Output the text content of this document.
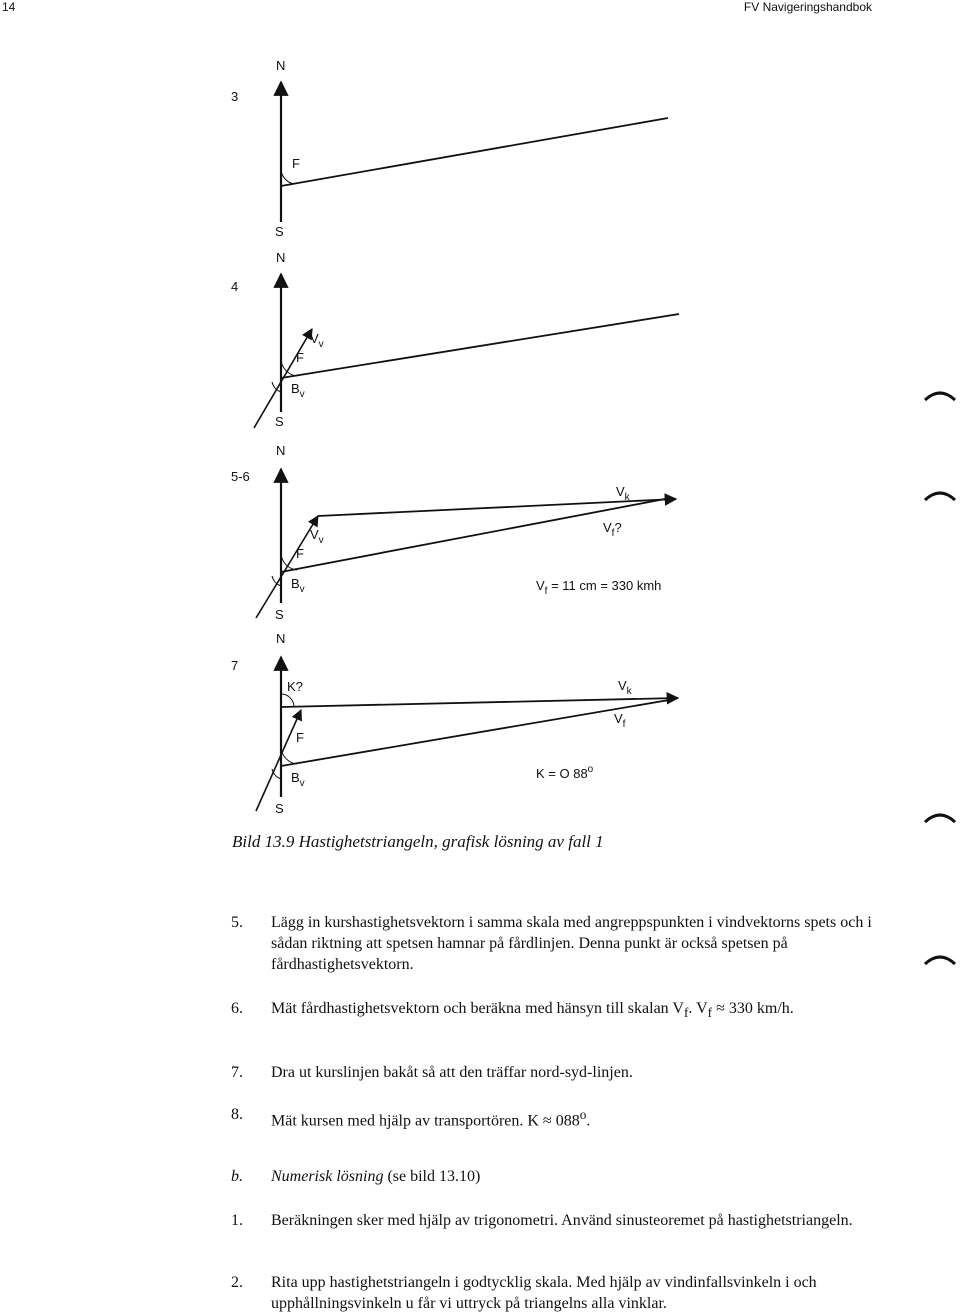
14	FV Navigeringshandbok
3
N
F
S
4
N
$V_v$
F
$B_v$
S
5-6
N
$V_k$
$V_f$?
$V_v$
F
$B_v$	$V_f = 11$ cm = 330 kmh
S
7
N
K?	$V_k$
$V_f$
F
$B_v$
K = O 88$^o$
S
Bild 13.9 Hastighetstriangeln, grafisk lösning av fall 1
5. Lägg in kurshastighetsvektorn i samma skala med angreppspunkten i vindvektorns spets och i sådan riktning att spetsen hamnar på fårdlinjen. Denna punkt är också spetsen på fårdhastighetsvektorn.
6. Mät fårdhastighetsvektorn och beräkna med hänsyn till skalan $V_f$. $V_f \approx 330$ km/h.
7. Dra ut kurslinjen bakåt så att den träffar nord-syd-linjen.
8. Mät kursen med hjälp av transportören. $K \approx 088^o$.
b. Numerisk lösning (se bild 13.10)
1. Beräkningen sker med hjälp av trigonometri. Använd sinusteoremet på hastighetstriangeln.
2. Rita upp hastighetstriangeln i godtycklig skala. Med hjälp av vindinfallsvinkeln i och upphållningsvinkeln u får vi uttryck på triangelns alla vinklar.
